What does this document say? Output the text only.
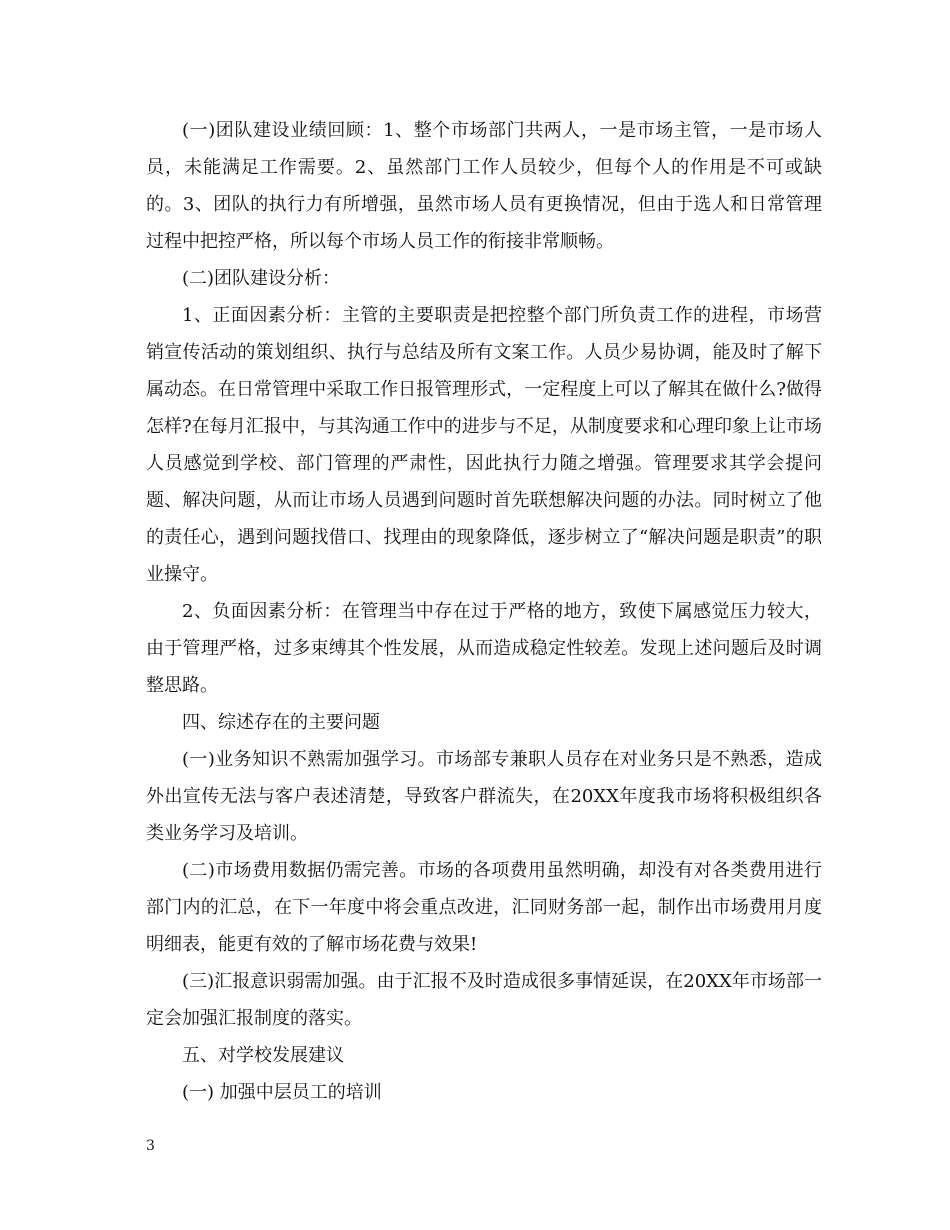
(一)团队建设业绩回顾：1、整个市场部门共两人，一是市场主管，一是市场人员，未能满足工作需要。2、虽然部门工作人员较少，但每个人的作用是不可或缺的。3、团队的执行力有所增强，虽然市场人员有更换情况，但由于选人和日常管理过程中把控严格，所以每个市场人员工作的衔接非常顺畅。

(二)团队建设分析：

1、正面因素分析：主管的主要职责是把控整个部门所负责工作的进程，市场营销宣传活动的策划组织、执行与总结及所有文案工作。人员少易协调，能及时了解下属动态。在日常管理中采取工作日报管理形式，一定程度上可以了解其在做什么?做得怎样?在每月汇报中，与其沟通工作中的进步与不足，从制度要求和心理印象上让市场人员感觉到学校、部门管理的严肃性，因此执行力随之增强。管理要求其学会提问题、解决问题，从而让市场人员遇到问题时首先联想解决问题的办法。同时树立了他的责任心，遇到问题找借口、找理由的现象降低，逐步树立了“解决问题是职责”的职业操守。

2、负面因素分析：在管理当中存在过于严格的地方，致使下属感觉压力较大，由于管理严格，过多束缚其个性发展，从而造成稳定性较差。发现上述问题后及时调整思路。

四、综述存在的主要问题

(一)业务知识不熟需加强学习。市场部专兼职人员存在对业务只是不熟悉，造成外出宣传无法与客户表述清楚，导致客户群流失，在20XX年度我市场将积极组织各类业务学习及培训。

(二)市场费用数据仍需完善。市场的各项费用虽然明确，却没有对各类费用进行部门内的汇总，在下一年度中将会重点改进，汇同财务部一起，制作出市场费用月度明细表，能更有效的了解市场花费与效果!

(三)汇报意识弱需加强。由于汇报不及时造成很多事情延误，在20XX年市场部一定会加强汇报制度的落实。

五、对学校发展建议

(一) 加强中层员工的培训

3
